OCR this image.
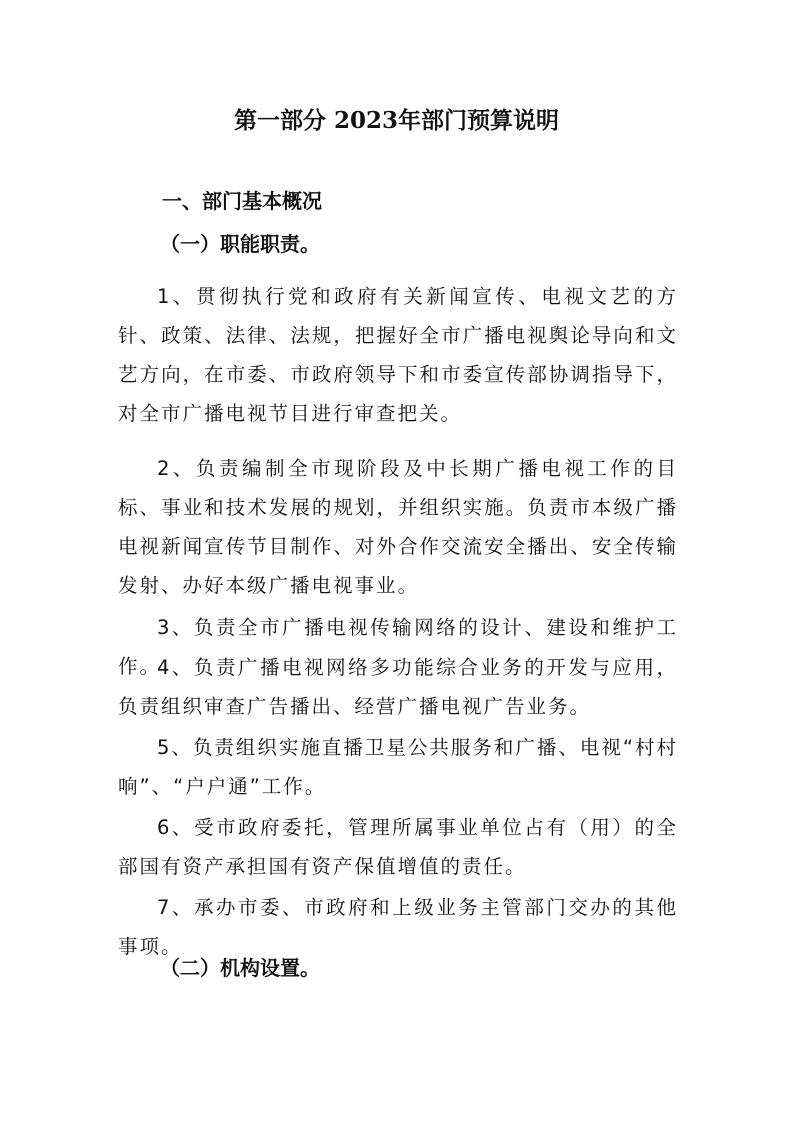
第一部分 2023年部门预算说明
一、部门基本概况
（一）职能职责。

1、贯彻执行党和政府有关新闻宣传、电视文艺的方针、政策、法律、法规，把握好全市广播电视舆论导向和文艺方向，在市委、市政府领导下和市委宣传部协调指导下，对全市广播电视节目进行审查把关。

2、负责编制全市现阶段及中长期广播电视工作的目标、事业和技术发展的规划，并组织实施。负责市本级广播电视新闻宣传节目制作、对外合作交流安全播出、安全传输发射、办好本级广播电视事业。

3、负责全市广播电视传输网络的设计、建设和维护工作。

4、负责广播电视网络多功能综合业务的开发与应用，负责组织审查广告播出、经营广播电视广告业务。

5、负责组织实施直播卫星公共服务和广播、电视“村村响”、“户户通”工作。

6、受市政府委托，管理所属事业单位占有（用）的全部国有资产承担国有资产保值增值的责任。

7、承办市委、市政府和上级业务主管部门交办的其他事项。

（二）机构设置。
